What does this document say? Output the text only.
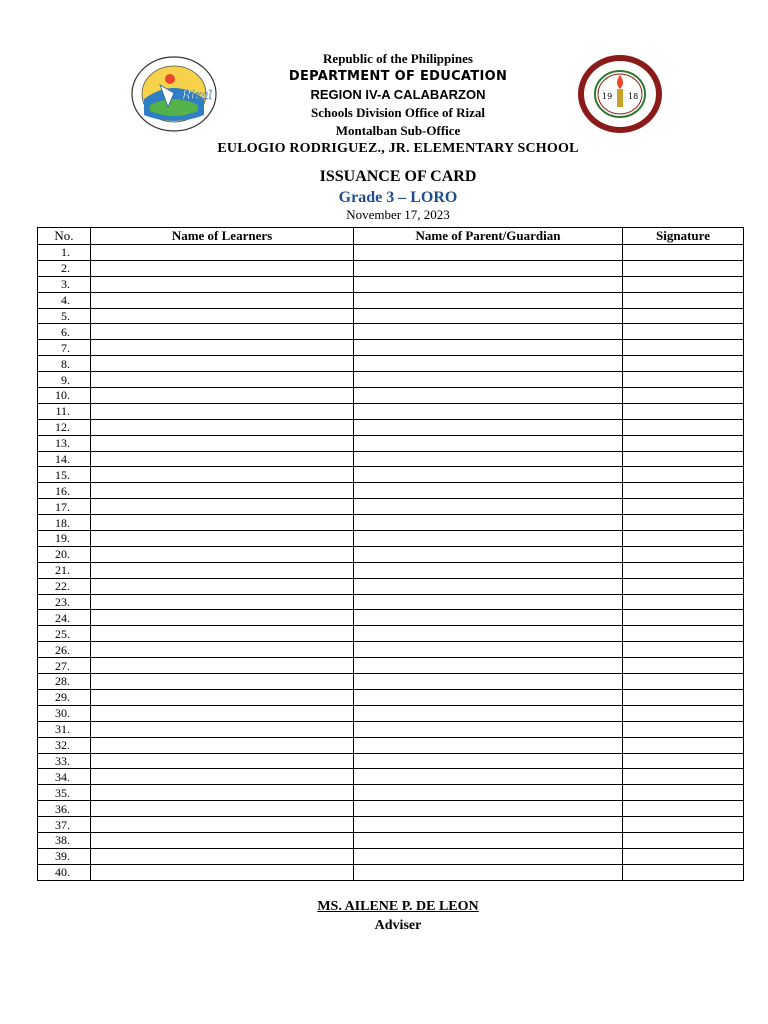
Rizal	19 18
Republic of the Philippines
DEPARTMENT OF EDUCATION
REGION IV-A CALABARZON
Schools Division Office of Rizal
Montalban Sub-Office
EULOGIO RODRIGUEZ., JR. ELEMENTARY SCHOOL
ISSUANCE OF CARD
Grade 3 – LORO
November 17, 2023
No.	Name of Learners	Name of Parent/Guardian	Signature
1.			
2.			
3.			
4.			
5.			
6.			
7.			
8.			
9.			
10.			
11.			
12.			
13.			
14.			
15.			
16.			
17.			
18.			
19.			
20.			
21.			
22.			
23.			
24.			
25.			
26.			
27.			
28.			
29.			
30.			
31.			
32.			
33.			
34.			
35.			
36.			
37.			
38.			
39.			
40.			
MS. AILENE P. DE LEON
Adviser
